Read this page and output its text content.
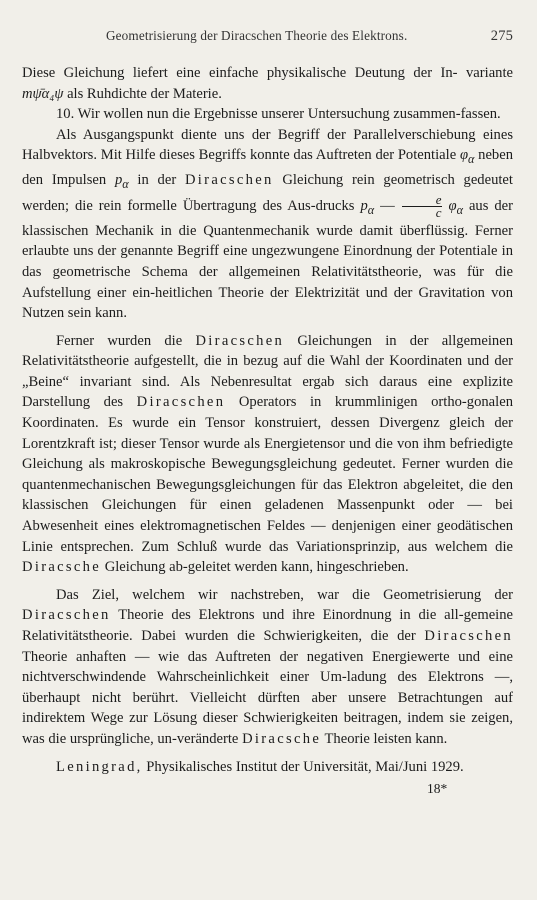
Geometrisierung der Diracschen Theorie des Elektrons.	275

Diese Gleichung liefert eine einfache physikalische Deutung der In- variante mψ̄α₄ψ als Ruhdichte der Materie.

10. Wir wollen nun die Ergebnisse unserer Untersuchung zusammen-fassen.

Als Ausgangspunkt diente uns der Begriff der Parallelverschiebung eines Halbvektors. Mit Hilfe dieses Begriffs konnte das Auftreten der Potentiale $\varphi_\alpha$ neben den Impulsen $p_\alpha$ in der Diracschen Gleichung rein geometrisch gedeutet werden; die rein formelle Übertragung des Aus-drucks $p_\alpha$ — $\frac{e}{c} \varphi_\alpha$ aus der klassischen Mechanik in die Quantenmechanik wurde damit überflüssig. Ferner erlaubte uns der genannte Begriff eine ungezwungene Einordnung der Potentiale in das geometrische Schema der allgemeinen Relativitätstheorie, was für die Aufstellung einer ein-heitlichen Theorie der Elektrizität und der Gravitation von Nutzen sein kann.

Ferner wurden die Diracschen Gleichungen in der allgemeinen Relativitätstheorie aufgestellt, die in bezug auf die Wahl der Koordinaten und der „Beine“ invariant sind. Als Nebenresultat ergab sich daraus eine explizite Darstellung des Diracschen Operators in krummlinigen ortho-gonalen Koordinaten. Es wurde ein Tensor konstruiert, dessen Divergenz gleich der Lorentzkraft ist; dieser Tensor wurde als Energietensor und die von ihm befriedigte Gleichung als makroskopische Bewegungsgleichung gedeutet. Ferner wurden die quantenmechanischen Bewegungsgleichungen für das Elektron abgeleitet, die den klassischen Gleichungen für einen geladenen Massenpunkt oder — bei Abwesenheit eines elektromagnetischen Feldes — denjenigen einer geodätischen Linie entsprechen. Zum Schluß wurde das Variationsprinzip, aus welchem die Diracsche Gleichung ab-geleitet werden kann, hingeschrieben.

Das Ziel, welchem wir nachstreben, war die Geometrisierung der Diracschen Theorie des Elektrons und ihre Einordnung in die all-gemeine Relativitätstheorie. Dabei wurden die Schwierigkeiten, die der Diracschen Theorie anhaften — wie das Auftreten der negativen Energiewerte und eine nichtverschwindende Wahrscheinlichkeit einer Um-ladung des Elektrons —, überhaupt nicht berührt. Vielleicht dürften aber unsere Betrachtungen auf indirektem Wege zur Lösung dieser Schwierigkeiten beitragen, indem sie zeigen, was die ursprüngliche, un-veränderte Diracsche Theorie leisten kann.

Leningrad, Physikalisches Institut der Universität, Mai/Juni 1929.

18*
